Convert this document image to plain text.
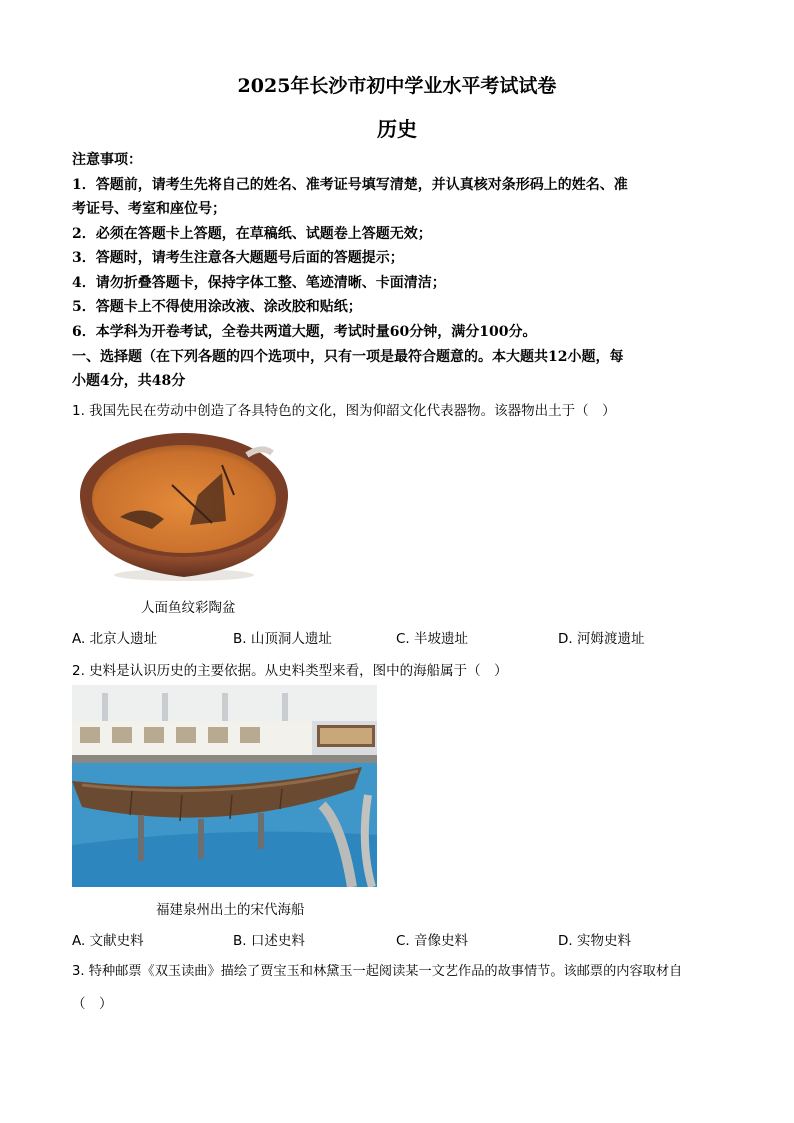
2025年长沙市初中学业水平考试试卷
历史
注意事项：
1．答题前，请考生先将自己的姓名、准考证号填写清楚，并认真核对条形码上的姓名、准
考证号、考室和座位号；
2．必须在答题卡上答题，在草稿纸、试题卷上答题无效；
3．答题时，请考生注意各大题题号后面的答题提示；
4．请勿折叠答题卡，保持字体工整、笔迹清晰、卡面清洁；
5．答题卡上不得使用涂改液、涂改胶和贴纸；
6．本学科为开卷考试，全卷共两道大题，考试时量60分钟，满分100分。
一、选择题（在下列各题的四个选项中，只有一项是最符合题意的。本大题共12小题，每
小题4分，共48分
1. 我国先民在劳动中创造了各具特色的文化，图为仰韶文化代表器物。该器物出土于（　）
人面鱼纹彩陶盆
A. 北京人遗址	B. 山顶洞人遗址	C. 半坡遗址	D. 河姆渡遗址
2. 史料是认识历史的主要依据。从史料类型来看，图中的海船属于（　）
福建泉州出土的宋代海船
A. 文献史料	B. 口述史料	C. 音像史料	D. 实物史料
3. 特种邮票《双玉读曲》描绘了贾宝玉和林黛玉一起阅读某一文艺作品的故事情节。该邮票的内容取材自
（　）
